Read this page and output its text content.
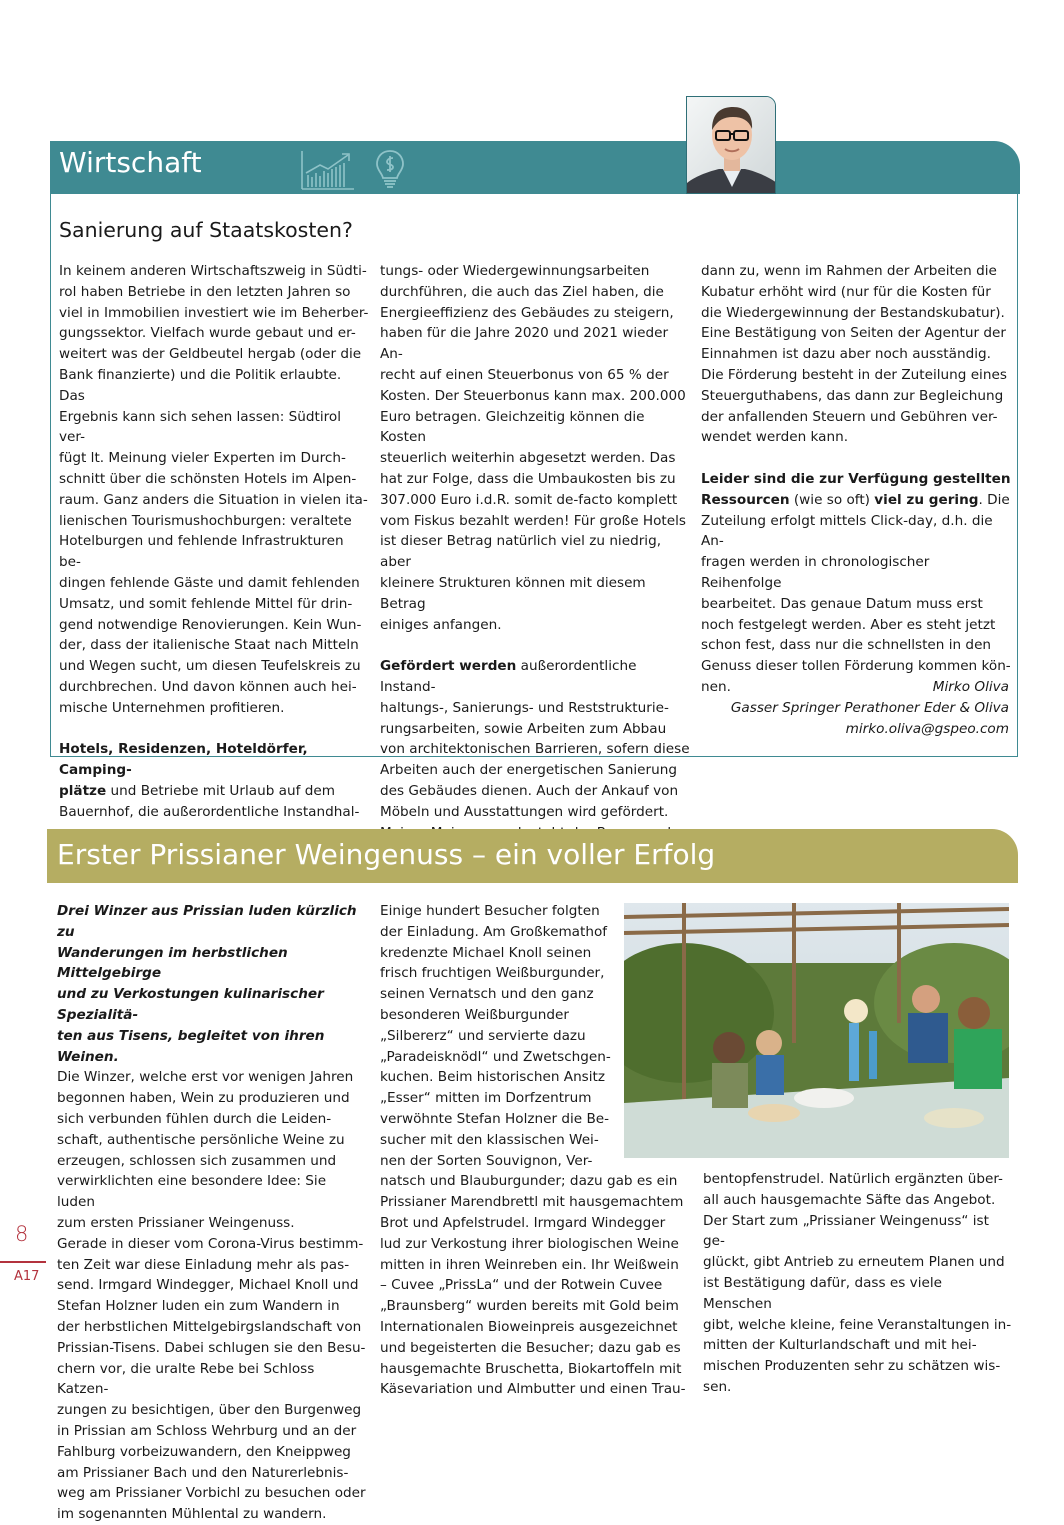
Wirtschaft
Sanierung auf Staatskosten?

In keinem anderen Wirtschaftszweig in Südti-

rol haben Betriebe in den letzten Jahren so

viel in Immobilien investiert wie im Beherber-

gungssektor. Vielfach wurde gebaut und er-

weitert was der Geldbeutel hergab (oder die

Bank finanzierte) und die Politik erlaubte. Das

Ergebnis kann sich sehen lassen: Südtirol ver-

fügt lt. Meinung vieler Experten im Durch-

schnitt über die schönsten Hotels im Alpen-

raum. Ganz anders die Situation in vielen ita-

lienischen Tourismushochburgen: veraltete

Hotelburgen und fehlende Infrastrukturen be-

dingen fehlende Gäste und damit fehlenden

Umsatz, und somit fehlende Mittel für drin-

gend notwendige Renovierungen. Kein Wun-

der, dass der italienische Staat nach Mitteln

und Wegen sucht, um diesen Teufelskreis zu

durchbrechen. Und davon können auch hei-

mische Unternehmen profitieren.

Hotels, Residenzen, Hoteldörfer, Camping-

plätze und Betriebe mit Urlaub auf dem

Bauernhof, die außerordentliche Instandhal-

tungs- oder Wiedergewinnungsarbeiten

durchführen, die auch das Ziel haben, die

Energieeffizienz des Gebäudes zu steigern,

haben für die Jahre 2020 und 2021 wieder An-

recht auf einen Steuerbonus von 65 % der

Kosten. Der Steuerbonus kann max. 200.000

Euro betragen. Gleichzeitig können die Kosten

steuerlich weiterhin abgesetzt werden. Das

hat zur Folge, dass die Umbaukosten bis zu

307.000 Euro i.d.R. somit de-facto komplett

vom Fiskus bezahlt werden! Für große Hotels

ist dieser Betrag natürlich viel zu niedrig, aber

kleinere Strukturen können mit diesem Betrag

einiges anfangen.

Gefördert werden außerordentliche Instand-

haltungs-, Sanierungs- und Reststrukturie-

rungsarbeiten, sowie Arbeiten zum Abbau

von architektonischen Barrieren, sofern diese

Arbeiten auch der energetischen Sanierung

des Gebäudes dienen. Auch der Ankauf von

Möbeln und Ausstattungen wird gefördert.

dann zu, wenn im Rahmen der Arbeiten die

Kubatur erhöht wird (nur für die Kosten für

die Wiedergewinnung der Bestandskubatur).

Eine Bestätigung von Seiten der Agentur der

Einnahmen ist dazu aber noch ausständig.

Die Förderung besteht in der Zuteilung eines

Steuerguthabens, das dann zur Begleichung

der anfallenden Steuern und Gebühren ver-

wendet werden kann.

Leider sind die zur Verfügung gestellten

Ressourcen (wie so oft) viel zu gering. Die

Zuteilung erfolgt mittels Click-day, d.h. die An-

fragen werden in chronologischer Reihenfolge

bearbeitet. Das genaue Datum muss erst

noch festgelegt werden. Aber es steht jetzt

schon fest, dass nur die schnellsten in den

Genuss dieser tollen Förderung kommen kön-

nen.	Mirko Oliva
Gasser Springer Perathoner Eder & Oliva
mirko.oliva@gspeo.com
Erster Prissianer Weingenuss – ein voller Erfolg

Drei Winzer aus Prissian luden kürzlich zu

Wanderungen im herbstlichen Mittelgebirge

und zu Verkostungen kulinarischer Spezialitä-

ten aus Tisens, begleitet von ihren Weinen.

Die Winzer, welche erst vor wenigen Jahren

begonnen haben, Wein zu produzieren und

sich verbunden fühlen durch die Leiden-

schaft, authentische persönliche Weine zu

erzeugen, schlossen sich zusammen und

verwirklichten eine besondere Idee: Sie luden

zum ersten Prissianer Weingenuss.

Gerade in dieser vom Corona-Virus bestimm-

ten Zeit war diese Einladung mehr als pas-

send. Irmgard Windegger, Michael Knoll und

Stefan Holzner luden ein zum Wandern in

der herbstlichen Mittelgebirgslandschaft von

Prissian-Tisens. Dabei schlugen sie den Besu-

chern vor, die uralte Rebe bei Schloss Katzen-

zungen zu besichtigen, über den Burgenweg

in Prissian am Schloss Wehrburg und an der

Fahlburg vorbeizuwandern, den Kneippweg

am Prissianer Bach und den Naturerlebnis-

weg am Prissianer Vorbichl zu besuchen oder

im sogenannten Mühlental zu wandern.

Einige hundert Besucher folgten

der Einladung. Am Großkemathof

kredenzte Michael Knoll seinen

frisch fruchtigen Weißburgunder,

seinen Vernatsch und den ganz

besonderen Weißburgunder

„Silbererz“ und servierte dazu

„Paradeisknödl“ und Zwetschgen-

kuchen. Beim historischen Ansitz

„Esser“ mitten im Dorfzentrum

verwöhnte Stefan Holzner die Be-

sucher mit den klassischen Wei-

nen der Sorten Souvignon, Ver-

natsch und Blauburgunder; dazu gab es ein

Prissianer Marendbrettl mit hausgemachtem

Brot und Apfelstrudel. Irmgard Windegger

lud zur Verkostung ihrer biologischen Weine

mitten in ihren Weinreben ein. Ihr Weißwein

– Cuvee „PrissLa“ und der Rotwein Cuvee

„Braunsberg“ wurden bereits mit Gold beim

Internationalen Bioweinpreis ausgezeichnet

und begeisterten die Besucher; dazu gab es

hausgemachte Bruschetta, Biokartoffeln mit

Käsevariation und Almbutter und einen Trau-

bentopfenstrudel. Natürlich ergänzten über-

all auch hausgemachte Säfte das Angebot.

Der Start zum „Prissianer Weingenuss“ ist ge-

glückt, gibt Antrieb zu erneutem Planen und

ist Bestätigung dafür, dass es viele Menschen

gibt, welche kleine, feine Veranstaltungen in-

mitten der Kulturlandschaft und mit hei-

mischen Produzenten sehr zu schätzen wis-

sen.

8
A17
